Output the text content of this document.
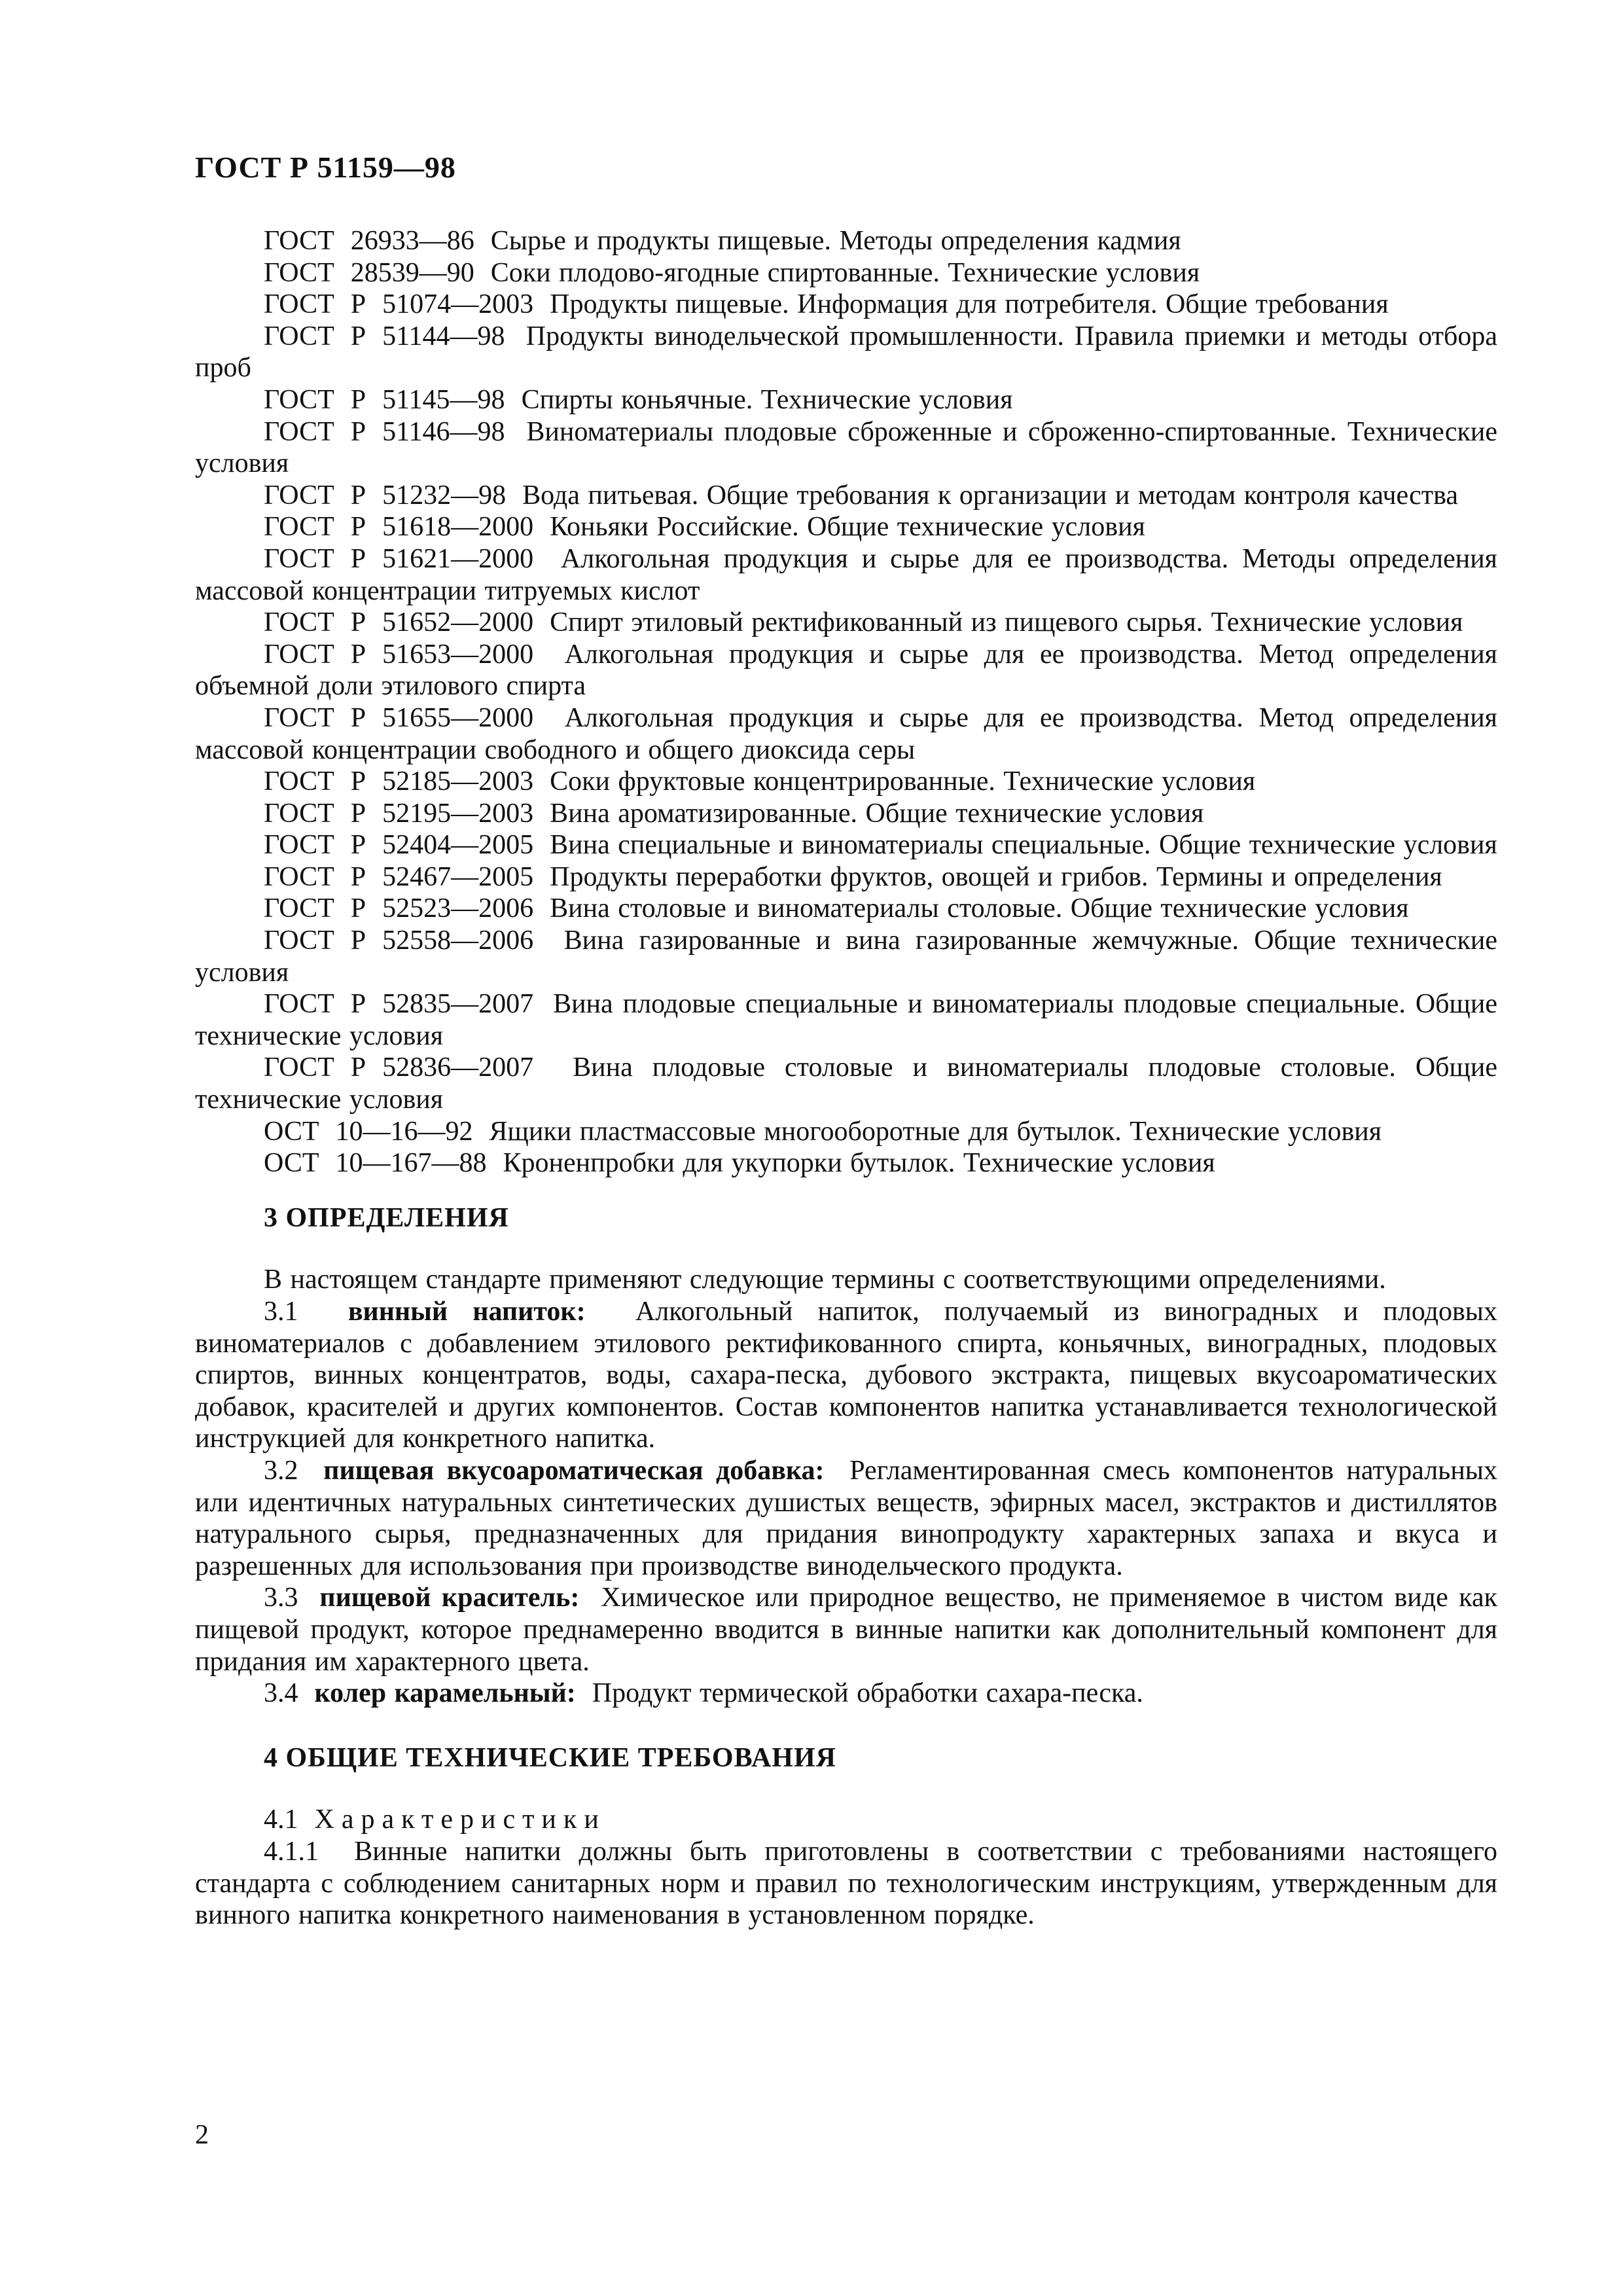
ГОСТ Р 51159—98

ГОСТ  26933—86 Сырье и продукты пищевые. Методы определения кадмия

ГОСТ  28539—90 Соки плодово-ягодные спиртованные. Технические условия

ГОСТ  Р  51074—2003 Продукты пищевые. Информация для потребителя. Общие требования

ГОСТ  Р  51144—98 Продукты винодельческой промышленности. Правила приемки и методы отбора проб

ГОСТ  Р  51145—98 Спирты коньячные. Технические условия

ГОСТ  Р  51146—98 Виноматериалы плодовые сброженные и сброженно-спиртованные. Технические условия

ГОСТ  Р  51232—98 Вода питьевая. Общие требования к организации и методам контроля качества

ГОСТ  Р  51618—2000 Коньяки Российские. Общие технические условия

ГОСТ  Р  51621—2000 Алкогольная продукция и сырье для ее производства. Методы определения массовой концентрации титруемых кислот

ГОСТ  Р  51652—2000 Спирт этиловый ректификованный из пищевого сырья. Технические условия

ГОСТ  Р  51653—2000 Алкогольная продукция и сырье для ее производства. Метод определения объемной доли этилового спирта

ГОСТ  Р  51655—2000 Алкогольная продукция и сырье для ее производства. Метод определения массовой концентрации свободного и общего диоксида серы

ГОСТ  Р  52185—2003 Соки фруктовые концентрированные. Технические условия

ГОСТ  Р  52195—2003 Вина ароматизированные. Общие технические условия

ГОСТ  Р  52404—2005 Вина специальные и виноматериалы специальные. Общие технические условия

ГОСТ  Р  52467—2005 Продукты переработки фруктов, овощей и грибов. Термины и определения

ГОСТ  Р  52523—2006 Вина столовые и виноматериалы столовые. Общие технические условия

ГОСТ  Р  52558—2006 Вина газированные и вина газированные жемчужные. Общие технические условия

ГОСТ  Р  52835—2007 Вина плодовые специальные и виноматериалы плодовые специальные. Общие технические условия

ГОСТ  Р  52836—2007 Вина плодовые столовые и виноматериалы плодовые столовые. Общие технические условия

ОСТ  10—16—92 Ящики пластмассовые многооборотные для бутылок. Технические условия

ОСТ  10—167—88 Кроненпробки для укупорки бутылок. Технические условия

3 ОПРЕДЕЛЕНИЯ

В настоящем стандарте применяют следующие термины с соответствующими определениями.

3.1 винный напиток: Алкогольный напиток, получаемый из виноградных и плодовых виноматериалов с добавлением этилового ректификованного спирта, коньячных, виноградных, плодовых спиртов, винных концентратов, воды, сахара-песка, дубового экстракта, пищевых вкусоароматических добавок, красителей и других компонентов. Состав компонентов напитка устанавливается технологической инструкцией для конкретного напитка.

3.2 пищевая вкусоароматическая добавка: Регламентированная смесь компонентов натуральных или идентичных натуральных синтетических душистых веществ, эфирных масел, экстрактов и дистиллятов натурального сырья, предназначенных для придания винопродукту характерных запаха и вкуса и разрешенных для использования при производстве винодельческого продукта.

3.3 пищевой краситель: Химическое или природное вещество, не применяемое в чистом виде как пищевой продукт, которое преднамеренно вводится в винные напитки как дополнительный компонент для придания им характерного цвета.

3.4 колер карамельный: Продукт термической обработки сахара-песка.

4 ОБЩИЕ ТЕХНИЧЕСКИЕ ТРЕБОВАНИЯ

4.1 Характеристики

4.1.1 Винные напитки должны быть приготовлены в соответствии с требованиями настоящего стандарта с соблюдением санитарных норм и правил по технологическим инструкциям, утвержденным для винного напитка конкретного наименования в установленном порядке.

2
